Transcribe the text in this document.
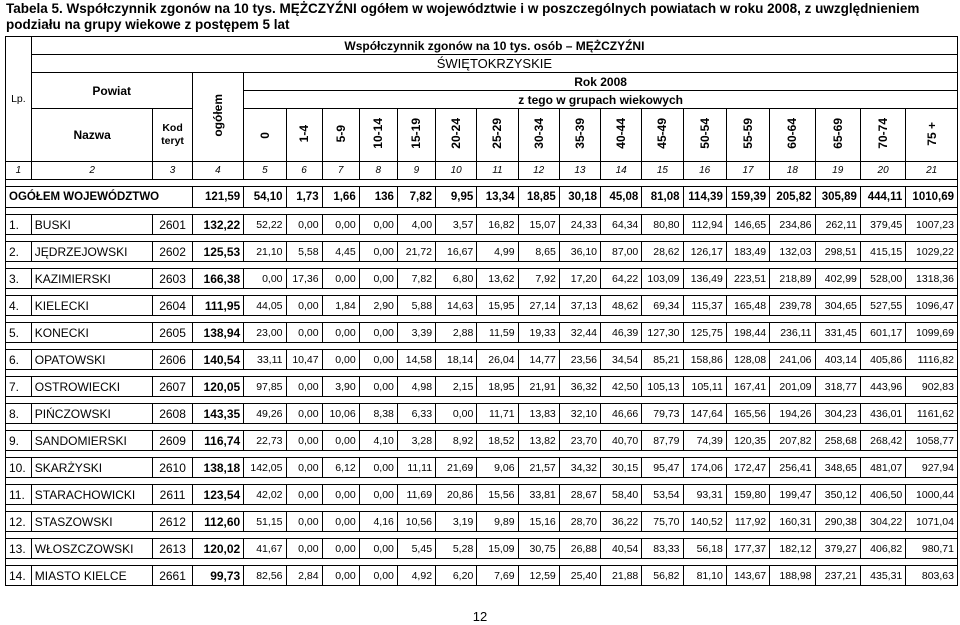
Tabela 5. Współczynnik zgonów na 10 tys. MĘŻCZYŹNI ogółem w województwie i w poszczególnych powiatach w roku 2008, z uwzględnieniem podziału na grupy wiekowe z postępem 5 lat
Lp.	Współczynnik zgonów na 10 tys. osób – MĘŻCZYŹNI																			
	ŚWIĘTOKRZYSKIE																			
	Powiat		ogółem	Rok 2008																
				z tego w grupach wiekowych																
	Nazwa	Kod teryt		0	1-4	5-9	10-14	15-19	20-24	25-29	30-34	35-39	40-44	45-49	50-54	55-59	60-64	65-69	70-74	75 +
1	2	3	4	5	6	7	8	9	10	11	12	13	14	15	16	17	18	19	20	21

OGÓŁEM WOJEWÓDZTWO			121,59	54,10	1,73	1,66	136	7,82	9,95	13,34	18,85	30,18	45,08	81,08	114,39	159,39	205,82	305,89	444,11	1010,69

1.	BUSKI	2601	132,22	52,22	0,00	0,00	0,00	4,00	3,57	16,82	15,07	24,33	64,34	80,80	112,94	146,65	234,86	262,11	379,45	1007,23

2.	JĘDRZEJOWSKI	2602	125,53	21,10	5,58	4,45	0,00	21,72	16,67	4,99	8,65	36,10	87,00	28,62	126,17	183,49	132,03	298,51	415,15	1029,22

3.	KAZIMIERSKI	2603	166,38	0,00	17,36	0,00	0,00	7,82	6,80	13,62	7,92	17,20	64,22	103,09	136,49	223,51	218,89	402,99	528,00	1318,36

4.	KIELECKI	2604	111,95	44,05	0,00	1,84	2,90	5,88	14,63	15,95	27,14	37,13	48,62	69,34	115,37	165,48	239,78	304,65	527,55	1096,47

5.	KONECKI	2605	138,94	23,00	0,00	0,00	0,00	3,39	2,88	11,59	19,33	32,44	46,39	127,30	125,75	198,44	236,11	331,45	601,17	1099,69

6.	OPATOWSKI	2606	140,54	33,11	10,47	0,00	0,00	14,58	18,14	26,04	14,77	23,56	34,54	85,21	158,86	128,08	241,06	403,14	405,86	1116,82

7.	OSTROWIECKI	2607	120,05	97,85	0,00	3,90	0,00	4,98	2,15	18,95	21,91	36,32	42,50	105,13	105,11	167,41	201,09	318,77	443,96	902,83

8.	PIŃCZOWSKI	2608	143,35	49,26	0,00	10,06	8,38	6,33	0,00	11,71	13,83	32,10	46,66	79,73	147,64	165,56	194,26	304,23	436,01	1161,62

9.	SANDOMIERSKI	2609	116,74	22,73	0,00	0,00	4,10	3,28	8,92	18,52	13,82	23,70	40,70	87,79	74,39	120,35	207,82	258,68	268,42	1058,77

10.	SKARŻYSKI	2610	138,18	142,05	0,00	6,12	0,00	11,11	21,69	9,06	21,57	34,32	30,15	95,47	174,06	172,47	256,41	348,65	481,07	927,94

11.	STARACHOWICKI	2611	123,54	42,02	0,00	0,00	0,00	11,69	20,86	15,56	33,81	28,67	58,40	53,54	93,31	159,80	199,47	350,12	406,50	1000,44

12.	STASZOWSKI	2612	112,60	51,15	0,00	0,00	4,16	10,56	3,19	9,89	15,16	28,70	36,22	75,70	140,52	117,92	160,31	290,38	304,22	1071,04

13.	WŁOSZCZOWSKI	2613	120,02	41,67	0,00	0,00	0,00	5,45	5,28	15,09	30,75	26,88	40,54	83,33	56,18	177,37	182,12	379,27	406,82	980,71

14.	MIASTO KIELCE	2661	99,73	82,56	2,84	0,00	0,00	4,92	6,20	7,69	12,59	25,40	21,88	56,82	81,10	143,67	188,98	237,21	435,31	803,63
12
